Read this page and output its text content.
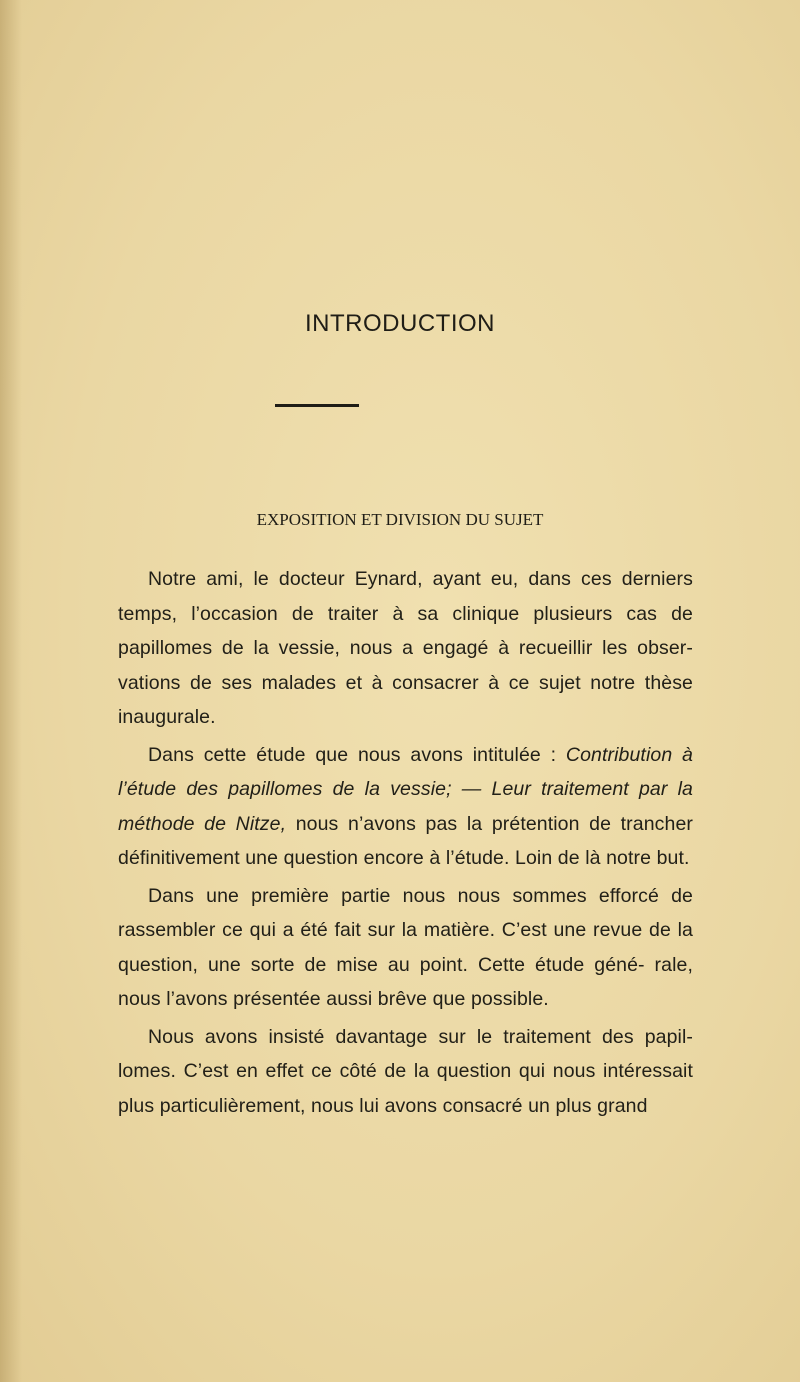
INTRODUCTION
EXPOSITION ET DIVISION DU SUJET

Notre ami, le docteur Eynard, ayant eu, dans ces derniers temps, l’occasion de traiter à sa clinique plusieurs cas de papillomes de la vessie, nous a engagé à recueillir les obser- vations de ses malades et à consacrer à ce sujet notre thèse inaugurale.

Dans cette étude que nous avons intitulée : Contribution à l’étude des papillomes de la vessie; — Leur traitement par la méthode de Nitze, nous n’avons pas la prétention de trancher définitivement une question encore à l’étude. Loin de là notre but.

Dans une première partie nous nous sommes efforcé de rassembler ce qui a été fait sur la matière. C’est une revue de la question, une sorte de mise au point. Cette étude géné- rale, nous l’avons présentée aussi brêve que possible.

Nous avons insisté davantage sur le traitement des papil- lomes. C’est en effet ce côté de la question qui nous intéressait plus particulièrement, nous lui avons consacré un plus grand
